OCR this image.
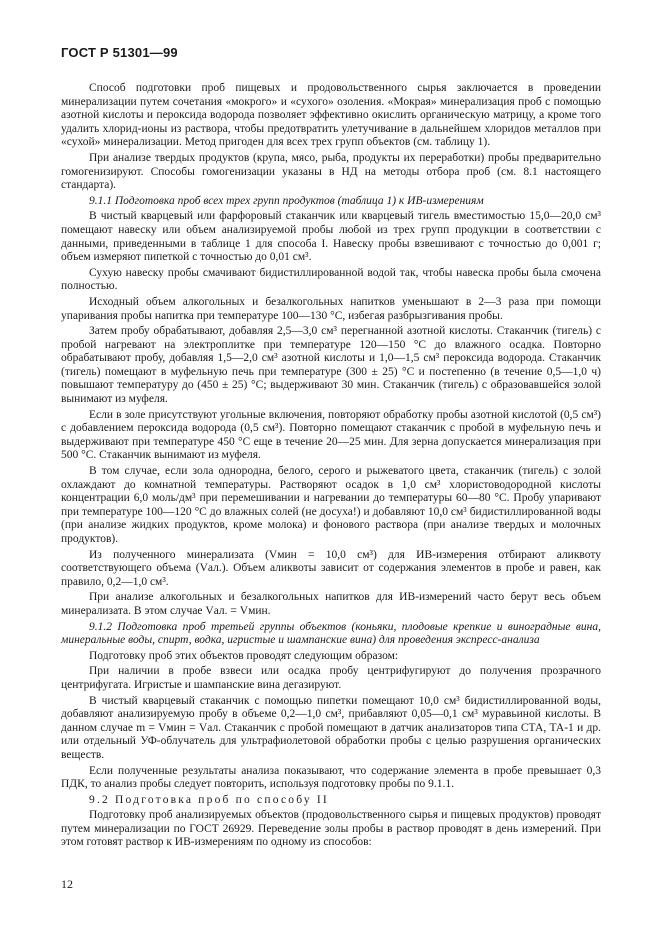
ГОСТ Р 51301—99

Способ подготовки проб пищевых и продовольственного сырья заключается в проведении минерализации путем сочетания «мокрого» и «сухого» озоления. «Мокрая» минерализация проб с помощью азотной кислоты и пероксида водорода позволяет эффективно окислить органическую матрицу, а кроме того удалить хлорид-ионы из раствора, чтобы предотвратить улетучивание в дальнейшем хлоридов металлов при «сухой» минерализации. Метод пригоден для всех трех групп объектов (см. таблицу 1).

При анализе твердых продуктов (крупа, мясо, рыба, продукты их переработки) пробы предварительно гомогенизируют. Способы гомогенизации указаны в НД на методы отбора проб (см. 8.1 настоящего стандарта).

9.1.1 Подготовка проб всех трех групп продуктов (таблица 1) к ИВ-измерениям

В чистый кварцевый или фарфоровый стаканчик или кварцевый тигель вместимостью 15,0—20,0 см³ помещают навеску или объем анализируемой пробы любой из трех групп продукции в соответствии с данными, приведенными в таблице 1 для способа I. Навеску пробы взвешивают с точностью до 0,001 г; объем измеряют пипеткой с точностью до 0,01 см³.

Сухую навеску пробы смачивают бидистиллированной водой так, чтобы навеска пробы была смочена полностью.

Исходный объем алкогольных и безалкогольных напитков уменьшают в 2—3 раза при помощи упаривания пробы напитка при температуре 100—130 °С, избегая разбрызгивания пробы.

Затем пробу обрабатывают, добавляя 2,5—3,0 см³ перегнанной азотной кислоты. Стаканчик (тигель) с пробой нагревают на электроплитке при температуре 120—150 °С до влажного осадка. Повторно обрабатывают пробу, добавляя 1,5—2,0 см³ азотной кислоты и 1,0—1,5 см³ пероксида водорода. Стаканчик (тигель) помещают в муфельную печь при температуре (300 ± 25) °С и постепенно (в течение 0,5—1,0 ч) повышают температуру до (450 ± 25) °С; выдерживают 30 мин. Стаканчик (тигель) с образовавшейся золой вынимают из муфеля.

Если в золе присутствуют угольные включения, повторяют обработку пробы азотной кислотой (0,5 см³) с добавлением пероксида водорода (0,5 см³). Повторно помещают стаканчик с пробой в муфельную печь и выдерживают при температуре 450 °С еще в течение 20—25 мин. Для зерна допускается минерализация при 500 °С. Стаканчик вынимают из муфеля.

В том случае, если зола однородна, белого, серого и рыжеватого цвета, стаканчик (тигель) с золой охлаждают до комнатной температуры. Растворяют осадок в 1,0 см³ хлористоводородной кислоты концентрации 6,0 моль/дм³ при перемешивании и нагревании до температуры 60—80 °С. Пробу упаривают при температуре 100—120 °С до влажных солей (не досуха!) и добавляют 10,0 см³ бидистиллированной воды (при анализе жидких продуктов, кроме молока) и фонового раствора (при анализе твердых и молочных продуктов).

Из полученного минерализата (Vмин = 10,0 см³) для ИВ-измерения отбирают аликвоту соответствующего объема (Vал.). Объем аликвоты зависит от содержания элементов в пробе и равен, как правило, 0,2—1,0 см³.

При анализе алкогольных и безалкогольных напитков для ИВ-измерений часто берут весь объем минерализата. В этом случае Vал. = Vмин.

9.1.2 Подготовка проб третьей группы объектов (коньяки, плодовые крепкие и виноградные вина, минеральные воды, спирт, водка, игристые и шампанские вина) для проведения экспресс-анализа

Подготовку проб этих объектов проводят следующим образом:

При наличии в пробе взвеси или осадка пробу центрифугируют до получения прозрачного центрифугата. Игристые и шампанские вина дегазируют.

В чистый кварцевый стаканчик с помощью пипетки помещают 10,0 см³ бидистиллированной воды, добавляют анализируемую пробу в объеме 0,2—1,0 см³, прибавляют 0,05—0,1 см³ муравьиной кислоты. В данном случае m = Vмин = Vал. Стаканчик с пробой помещают в датчик анализаторов типа СТА, ТА-1 и др. или отдельный УФ-облучатель для ультрафиолетовой обработки пробы с целью разрушения органических веществ.

Если полученные результаты анализа показывают, что содержание элемента в пробе превышает 0,3 ПДК, то анализ пробы следует повторить, используя подготовку пробы по 9.1.1.

9.2 Подготовка проб по способу II

Подготовку проб анализируемых объектов (продовольственного сырья и пищевых продуктов) проводят путем минерализации по ГОСТ 26929. Переведение золы пробы в раствор проводят в день измерений. При этом готовят раствор к ИВ-измерениям по одному из способов:

12
